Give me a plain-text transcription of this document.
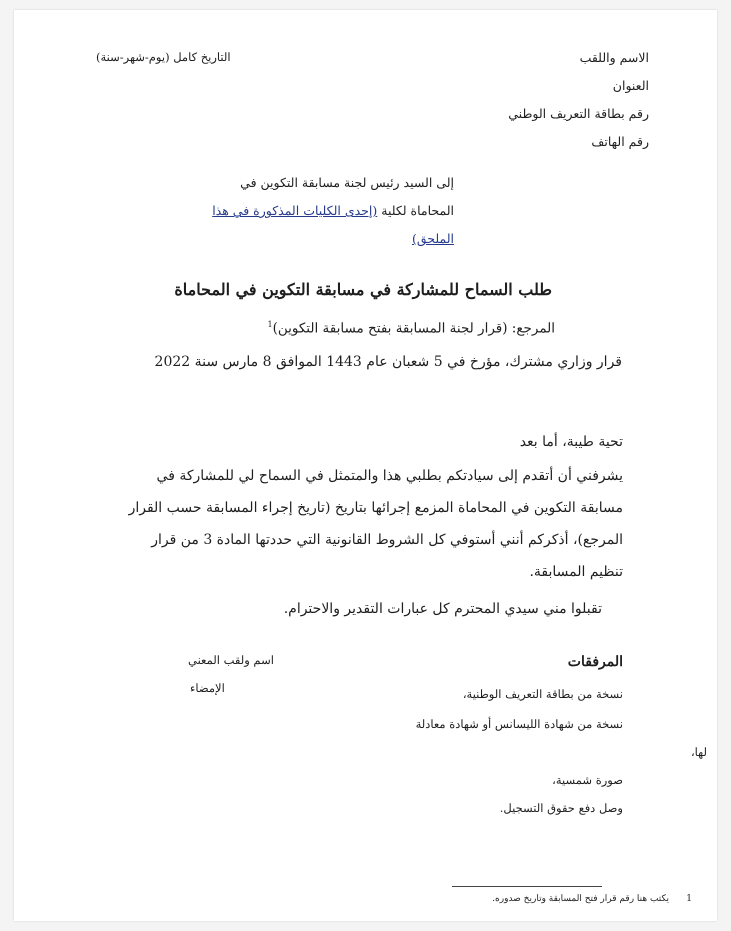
الاسم واللقب
التاريخ كامل (يوم-شهر-سنة)
العنوان
رقم بطاقة التعريف الوطني
رقم الهاتف
إلى السيد رئيس لجنة مسابقة التكوين في
المحاماة لكلية (إحدى الكليات المذكورة في هذا
الملحق)
طلب السماح للمشاركة في مسابقة التكوين في المحاماة
المرجع: (قرار لجنة المسابقة بفتح مسابقة التكوين)$^1$
قرار وزاري مشترك، مؤرخ في 5 شعبان عام 1443 الموافق 8 مارس سنة 2022
تحية طيبة، أما بعد
يشرفني أن أتقدم إلى سيادتكم بطلبي هذا والمتمثل في السماح لي للمشاركة في
مسابقة التكوين في المحاماة المزمع إجرائها بتاريخ (تاريخ إجراء المسابقة حسب القرار
المرجع)، أذكركم أنني أستوفي كل الشروط القانونية التي حددتها المادة 3 من قرار
تنظيم المسابقة.
تقبلوا مني سيدي المحترم كل عبارات التقدير والاحترام.
المرفقات
نسخة من بطاقة التعريف الوطنية،
نسخة من شهادة الليسانس أو شهادة معادلة
لها،
صورة شمسية،
وصل دفع حقوق التسجيل.
اسم ولقب المعني
الإمضاء
1
يكتب هنا رقم قرار فتح المسابقة وتاريخ صدوره.
